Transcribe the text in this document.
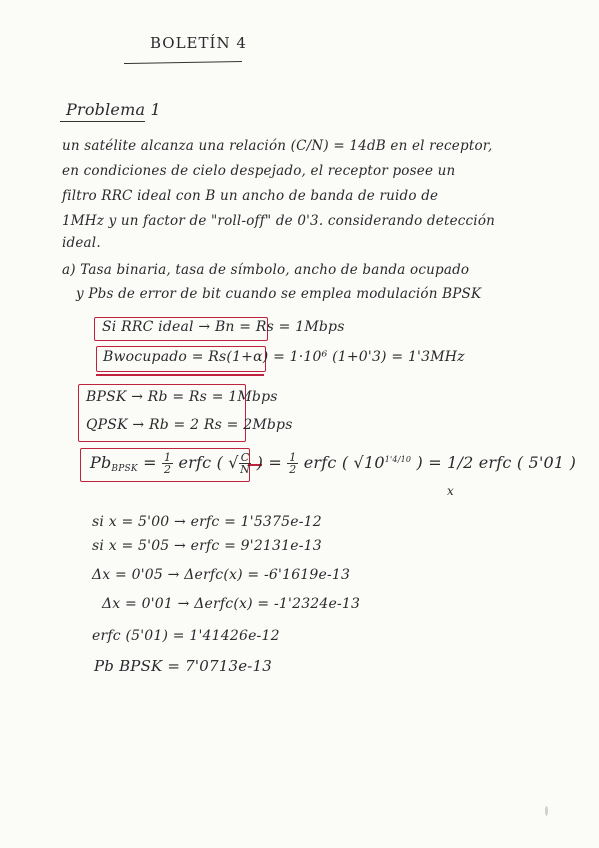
BOLETÍN 4
Problema 1
un satélite alcanza una relación (C/N) = 14dB en el receptor,
en condiciones de cielo despejado, el receptor posee un
filtro RRC ideal con B un ancho de banda de ruido de
1MHz y un factor de "roll-off" de 0'3. considerando detección
ideal.
a) Tasa binaria, tasa de símbolo, ancho de banda ocupado
y Pbs de error de bit cuando se emplea modulación BPSK
Si RRC ideal → Bn = Rs = 1Mbps
Bwocupado = Rs(1+α) = 1·10⁶ (1+0'3) = 1'3MHz
BPSK → Rb = Rs = 1Mbps
QPSK → Rb = 2 Rs = 2Mbps
$Pb_{BPSK} = \frac{1}{2}$ erfc ( √ $\frac{C}{N}$ ) = $\frac{1}{2}$ erfc ( $√10^{1'4/10}$ ) = 1/2 erfc ( 5'01 )
x
si x = 5'00 → erfc = 1'5375e-12
si x = 5'05 → erfc = 9'2131e-13
Δx = 0'05 → Δerfc(x) = -6'1619e-13
Δx = 0'01 → Δerfc(x) = -1'2324e-13
erfc (5'01) = 1'41426e-12
Pb BPSK = 7'0713e-13
